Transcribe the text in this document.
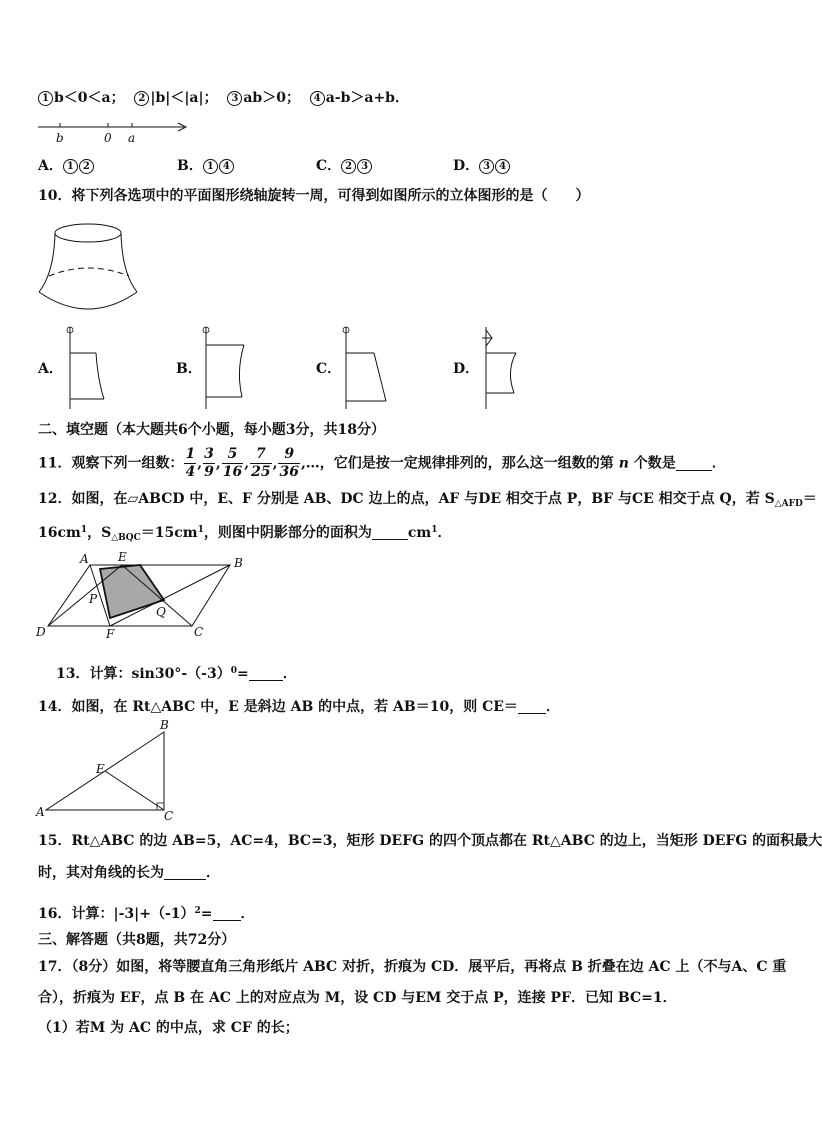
1 b＜0＜a； 2 |b|＜|a|； 3 ab＞0； 4 a-b＞a+b．
b	0 a
A． 1 2	B． 1 4	C． 2 3	D． 3 4
10．将下列各选项中的平面图形绕轴旋转一周，可得到如图所示的立体图形的是（　　）
A．	B．	C．	D．
二、填空题（本大题共6个小题，每小题3分，共18分）
11．观察下列一组数： $\frac{1}{4}$ , $\frac{3}{9}$ , $\frac{5}{16}$ , $\frac{7}{25}$ , $\frac{9}{36}$ ,…，它们是按一定规律排列的，那么这一组数的第 n 个数是	．
12．如图，在▱ABCD 中，E、F 分别是 AB、DC 边上的点，AF 与DE 相交于点 P，BF 与CE 相交于点 Q，若 $S_{\triangle AFD}=$
$16cm^1$，$S_{\triangle BQC}=15cm^1$，则图中阴影部分的面积为	$cm^1$．
A E	B
P
Q
D	F	C
13．计算：$\sin 30^\circ-(-3)^0=$ ．
14．如图，在 Rt△ABC 中，E 是斜边 AB 的中点，若 AB＝10，则 CE＝ ．
B
E
A	C
15．Rt△ABC 的边 AB=5，AC=4，BC=3，矩形 DEFG 的四个顶点都在 Rt△ABC 的边上，当矩形 DEFG 的面积最大
时，其对角线的长为	．
16．计算：$|-3|+(-1)^2=$ ．
三、解答题（共8题，共72分）
17．（8分）如图，将等腰直角三角形纸片 ABC 对折，折痕为 CD．展平后，再将点 B 折叠在边 AC 上（不与A、C 重
合），折痕为 EF，点 B 在 AC 上的对应点为 M，设 CD 与EM 交于点 P，连接 PF．已知 BC=1．
（1）若M 为 AC 的中点，求 CF 的长；
